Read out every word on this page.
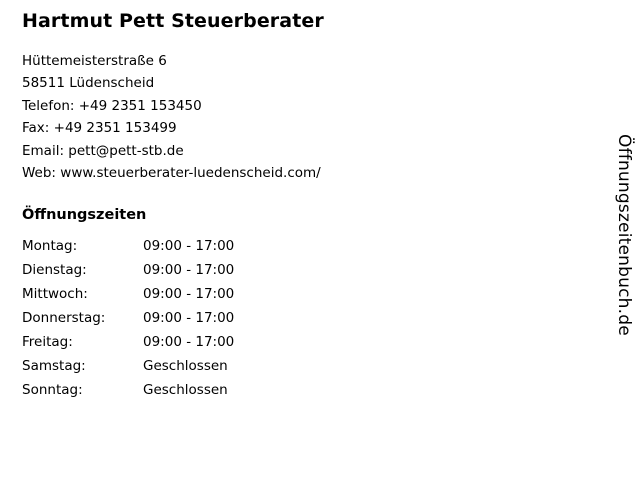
Hartmut Pett Steuerberater
Hüttemeisterstraße 6
58511 Lüdenscheid
Telefon: +49 2351 153450
Fax: +49 2351 153499
Email: pett@pett-stb.de
Web: www.steuerberater-luedenscheid.com/
Öffnungszeiten
Montag:	09:00 - 17:00
Dienstag:	09:00 - 17:00
Mittwoch:	09:00 - 17:00
Donnerstag:	09:00 - 17:00
Freitag:	09:00 - 17:00
Samstag:	Geschlossen
Sonntag:	Geschlossen
Öffnungszeitenbuch.de
